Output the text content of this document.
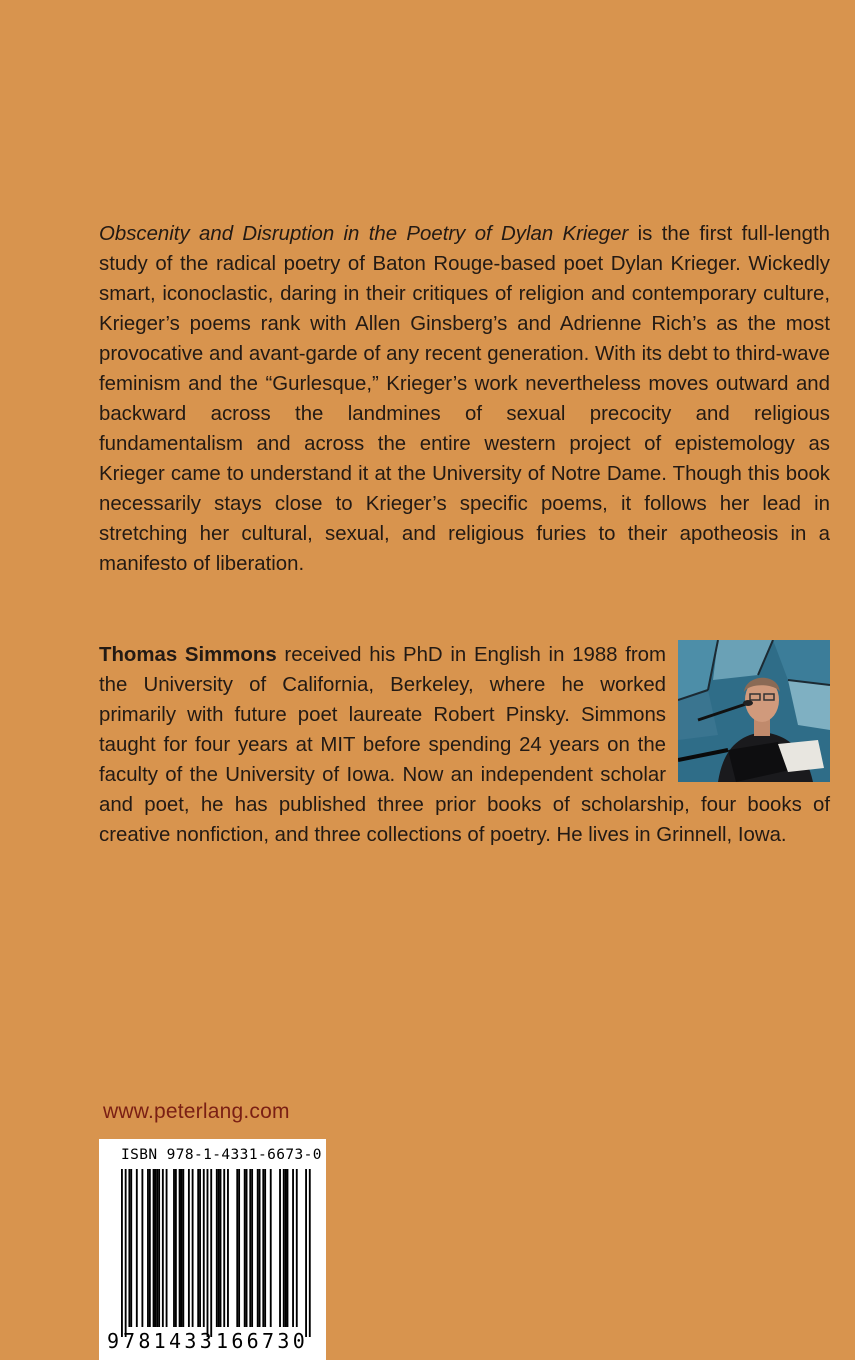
Obscenity and Disruption in the Poetry of Dylan Krieger is the first full-length study of the radical poetry of Baton Rouge-based poet Dylan Krieger. Wickedly smart, iconoclastic, daring in their critiques of religion and contemporary culture, Krieger’s poems rank with Allen Ginsberg’s and Adrienne Rich’s as the most provocative and avant-garde of any recent generation. With its debt to third-wave feminism and the “Gurlesque,” Krieger’s work nevertheless moves outward and backward across the landmines of sexual precocity and religious fundamentalism and across the entire western project of epistemology as Krieger came to understand it at the University of Notre Dame. Though this book necessarily stays close to Krieger’s specific poems, it follows her lead in stretching her cultural, sexual, and religious furies to their apotheosis in a manifesto of liberation.
Thomas Simmons received his PhD in English in 1988 from the University of California, Berkeley, where he worked primarily with future poet laureate Robert Pinsky. Simmons taught for four years at MIT before spending 24 years on the faculty of the University of Iowa. Now an independent scholar and poet, he has published three prior books of scholarship, four books of creative nonfiction, and three collections of poetry. He lives in Grinnell, Iowa.
www.peterlang.com
ISBN 978-1-4331-6673-0
9 781433 166730
